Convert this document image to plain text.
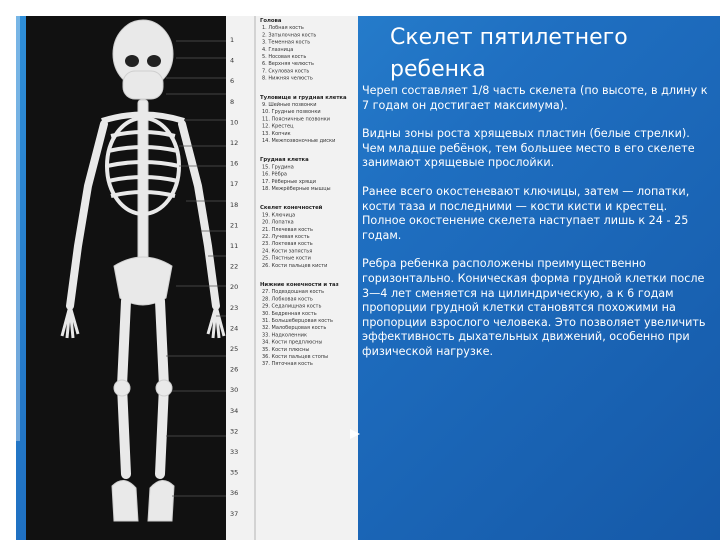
1
4
6
8
10
12
16
17
18
21
11
22
20
23
24
25
26
30
34
32
33
35
36
37
Голова
1. Лобная кость
2. Затылочная кость
3. Теменная кость
4. Глазница
5. Носовая кость
6. Верхняя челюсть
7. Скуловая кость
8. Нижняя челюсть
Туловище и грудная клетка
9. Шейные позвонки
10. Грудные позвонки
11. Поясничные позвонки
12. Крестец
13. Копчик
14. Межпозвоночные диски
Грудная клетка
15. Грудина
16. Рёбра
17. Рёберные хрящи
18. Межрёберные мышцы
Скелет конечностей
19. Ключица
20. Лопатка
21. Плечевая кость
22. Лучевая кость
23. Локтевая кость
24. Кости запястья
25. Пястные кости
26. Кости пальцев кисти
Нижние конечности и таз
27. Подвздошная кость
28. Лобковая кость
29. Седалищная кость
30. Бедренная кость
31. Большеберцовая кость
32. Малоберцовая кость
33. Надколенник
34. Кости предплюсны
35. Кости плюсны
36. Кости пальцев стопы
37. Пяточная кость
Скелет пятилетнего
ребенка

Череп составляет 1/8 часть скелета (по высоте, в длину к 7 годам он достигает максимума).

Видны зоны роста хрящевых пластин (белые стрелки). Чем младше ребёнок, тем большее место в его скелете занимают хрящевые прослойки.

Ранее всего окостеневают ключицы, затем — лопатки, кости таза и последними — кости кисти и крестец. Полное окостенение скелета наступает лишь к 24 - 25 годам.

Ребра ребенка расположены преимущественно горизонтально. Коническая форма грудной клетки после 3—4 лет сменяется на цилиндрическую, а к 6 годам пропорции грудной клетки становятся похожими на пропорции взрослого человека. Это позволяет увеличить эффективность дыхательных движений, особенно при физической нагрузке.
